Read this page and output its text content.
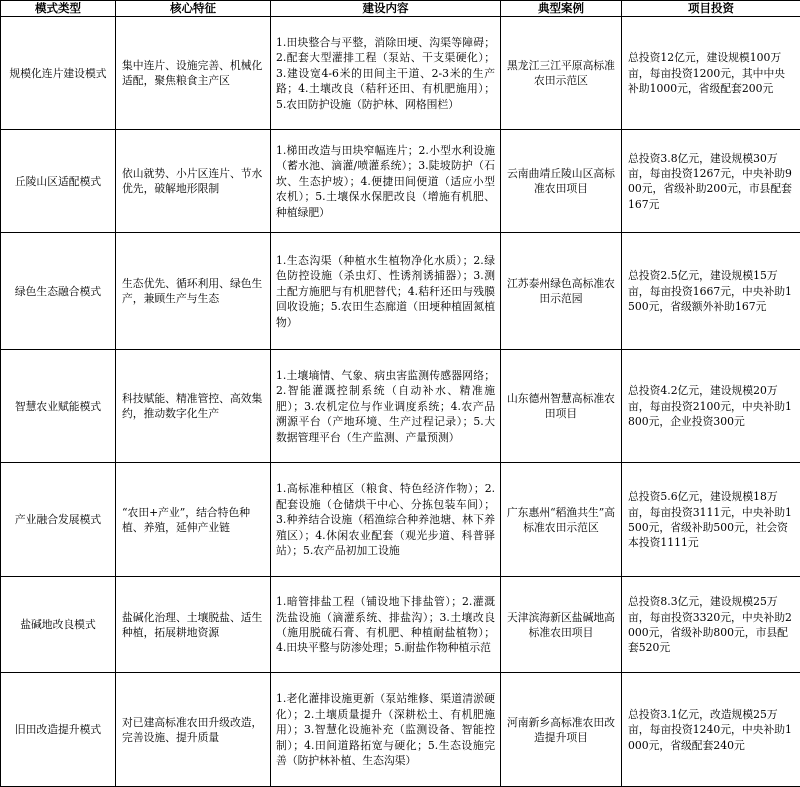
模式类型	核心特征	建设内容	典型案例	项目投资
规模化连片建设模式	集中连片、设施完善、机械化适配，聚焦粮食主产区	1.田块整合与平整，消除田埂、沟渠等障碍；2.配套大型灌排工程（泵站、干支渠硬化）；3.建设宽4-6米的田间主干道、2-3米的生产路；4.土壤改良（秸秆还田、有机肥施用）；5.农田防护设施（防护林、网格围栏）	黑龙江三江平原高标准农田示范区	总投资12亿元，建设规模100万亩，每亩投资1200元，其中中央补助1000元，省级配套200元
丘陵山区适配模式	依山就势、小片区连片、节水优先，破解地形限制	1.梯田改造与田块窄幅连片；2.小型水利设施（蓄水池、滴灌/喷灌系统）；3.陡坡防护（石坎、生态护坡）；4.便捷田间便道（适应小型农机）；5.土壤保水保肥改良（增施有机肥、种植绿肥）	云南曲靖丘陵山区高标准农田项目	总投资3.8亿元，建设规模30万亩，每亩投资1267元，中央补助900元，省级补助200元，市县配套167元
绿色生态融合模式	生态优先、循环利用、绿色生产，兼顾生产与生态	1.生态沟渠（种植水生植物净化水质）；2.绿色防控设施（杀虫灯、性诱剂诱捕器）；3.测土配方施肥与有机肥替代；4.秸秆还田与残膜回收设施；5.农田生态廊道（田埂种植固氮植物）	江苏泰州绿色高标准农田示范园	总投资2.5亿元，建设规模15万亩，每亩投资1667元，中央补助1500元，省级额外补助167元
智慧农业赋能模式	科技赋能、精准管控、高效集约，推动数字化生产	1.土壤墒情、气象、病虫害监测传感器网络；2.智能灌溉控制系统（自动补水、精准施肥）；3.农机定位与作业调度系统；4.农产品溯源平台（产地环境、生产过程记录）；5.大数据管理平台（生产监测、产量预测）	山东德州智慧高标准农田项目	总投资4.2亿元，建设规模20万亩，每亩投资2100元，中央补助1800元，企业投资300元
产业融合发展模式	“农田+产业”，结合特色种植、养殖，延伸产业链	1.高标准种植区（粮食、特色经济作物）；2.配套设施（仓储烘干中心、分拣包装车间）；3.种养结合设施（稻渔综合种养池塘、林下养殖区）；4.休闲农业配套（观光步道、科普驿站）；5.农产品初加工设施	广东惠州“稻渔共生”高标准农田示范区	总投资5.6亿元，建设规模18万亩，每亩投资3111元，中央补助1500元，省级补助500元，社会资本投资1111元
盐碱地改良模式	盐碱化治理、土壤脱盐、适生种植，拓展耕地资源	1.暗管排盐工程（铺设地下排盐管）；2.灌溉洗盐设施（滴灌系统、排盐沟）；3.土壤改良（施用脱硫石膏、有机肥、种植耐盐植物）；4.田块平整与防渗处理；5.耐盐作物种植示范	天津滨海新区盐碱地高标准农田项目	总投资8.3亿元，建设规模25万亩，每亩投资3320元，中央补助2000元，省级补助800元，市县配套520元
旧田改造提升模式	对已建高标准农田升级改造，完善设施、提升质量	1.老化灌排设施更新（泵站维修、渠道清淤硬化）；2.土壤质量提升（深耕松土、有机肥施用）；3.智慧化设施补充（监测设备、智能控制）；4.田间道路拓宽与硬化；5.生态设施完善（防护林补植、生态沟渠）	河南新乡高标准农田改造提升项目	总投资3.1亿元，改造规模25万亩，每亩投资1240元，中央补助1000元，省级配套240元
